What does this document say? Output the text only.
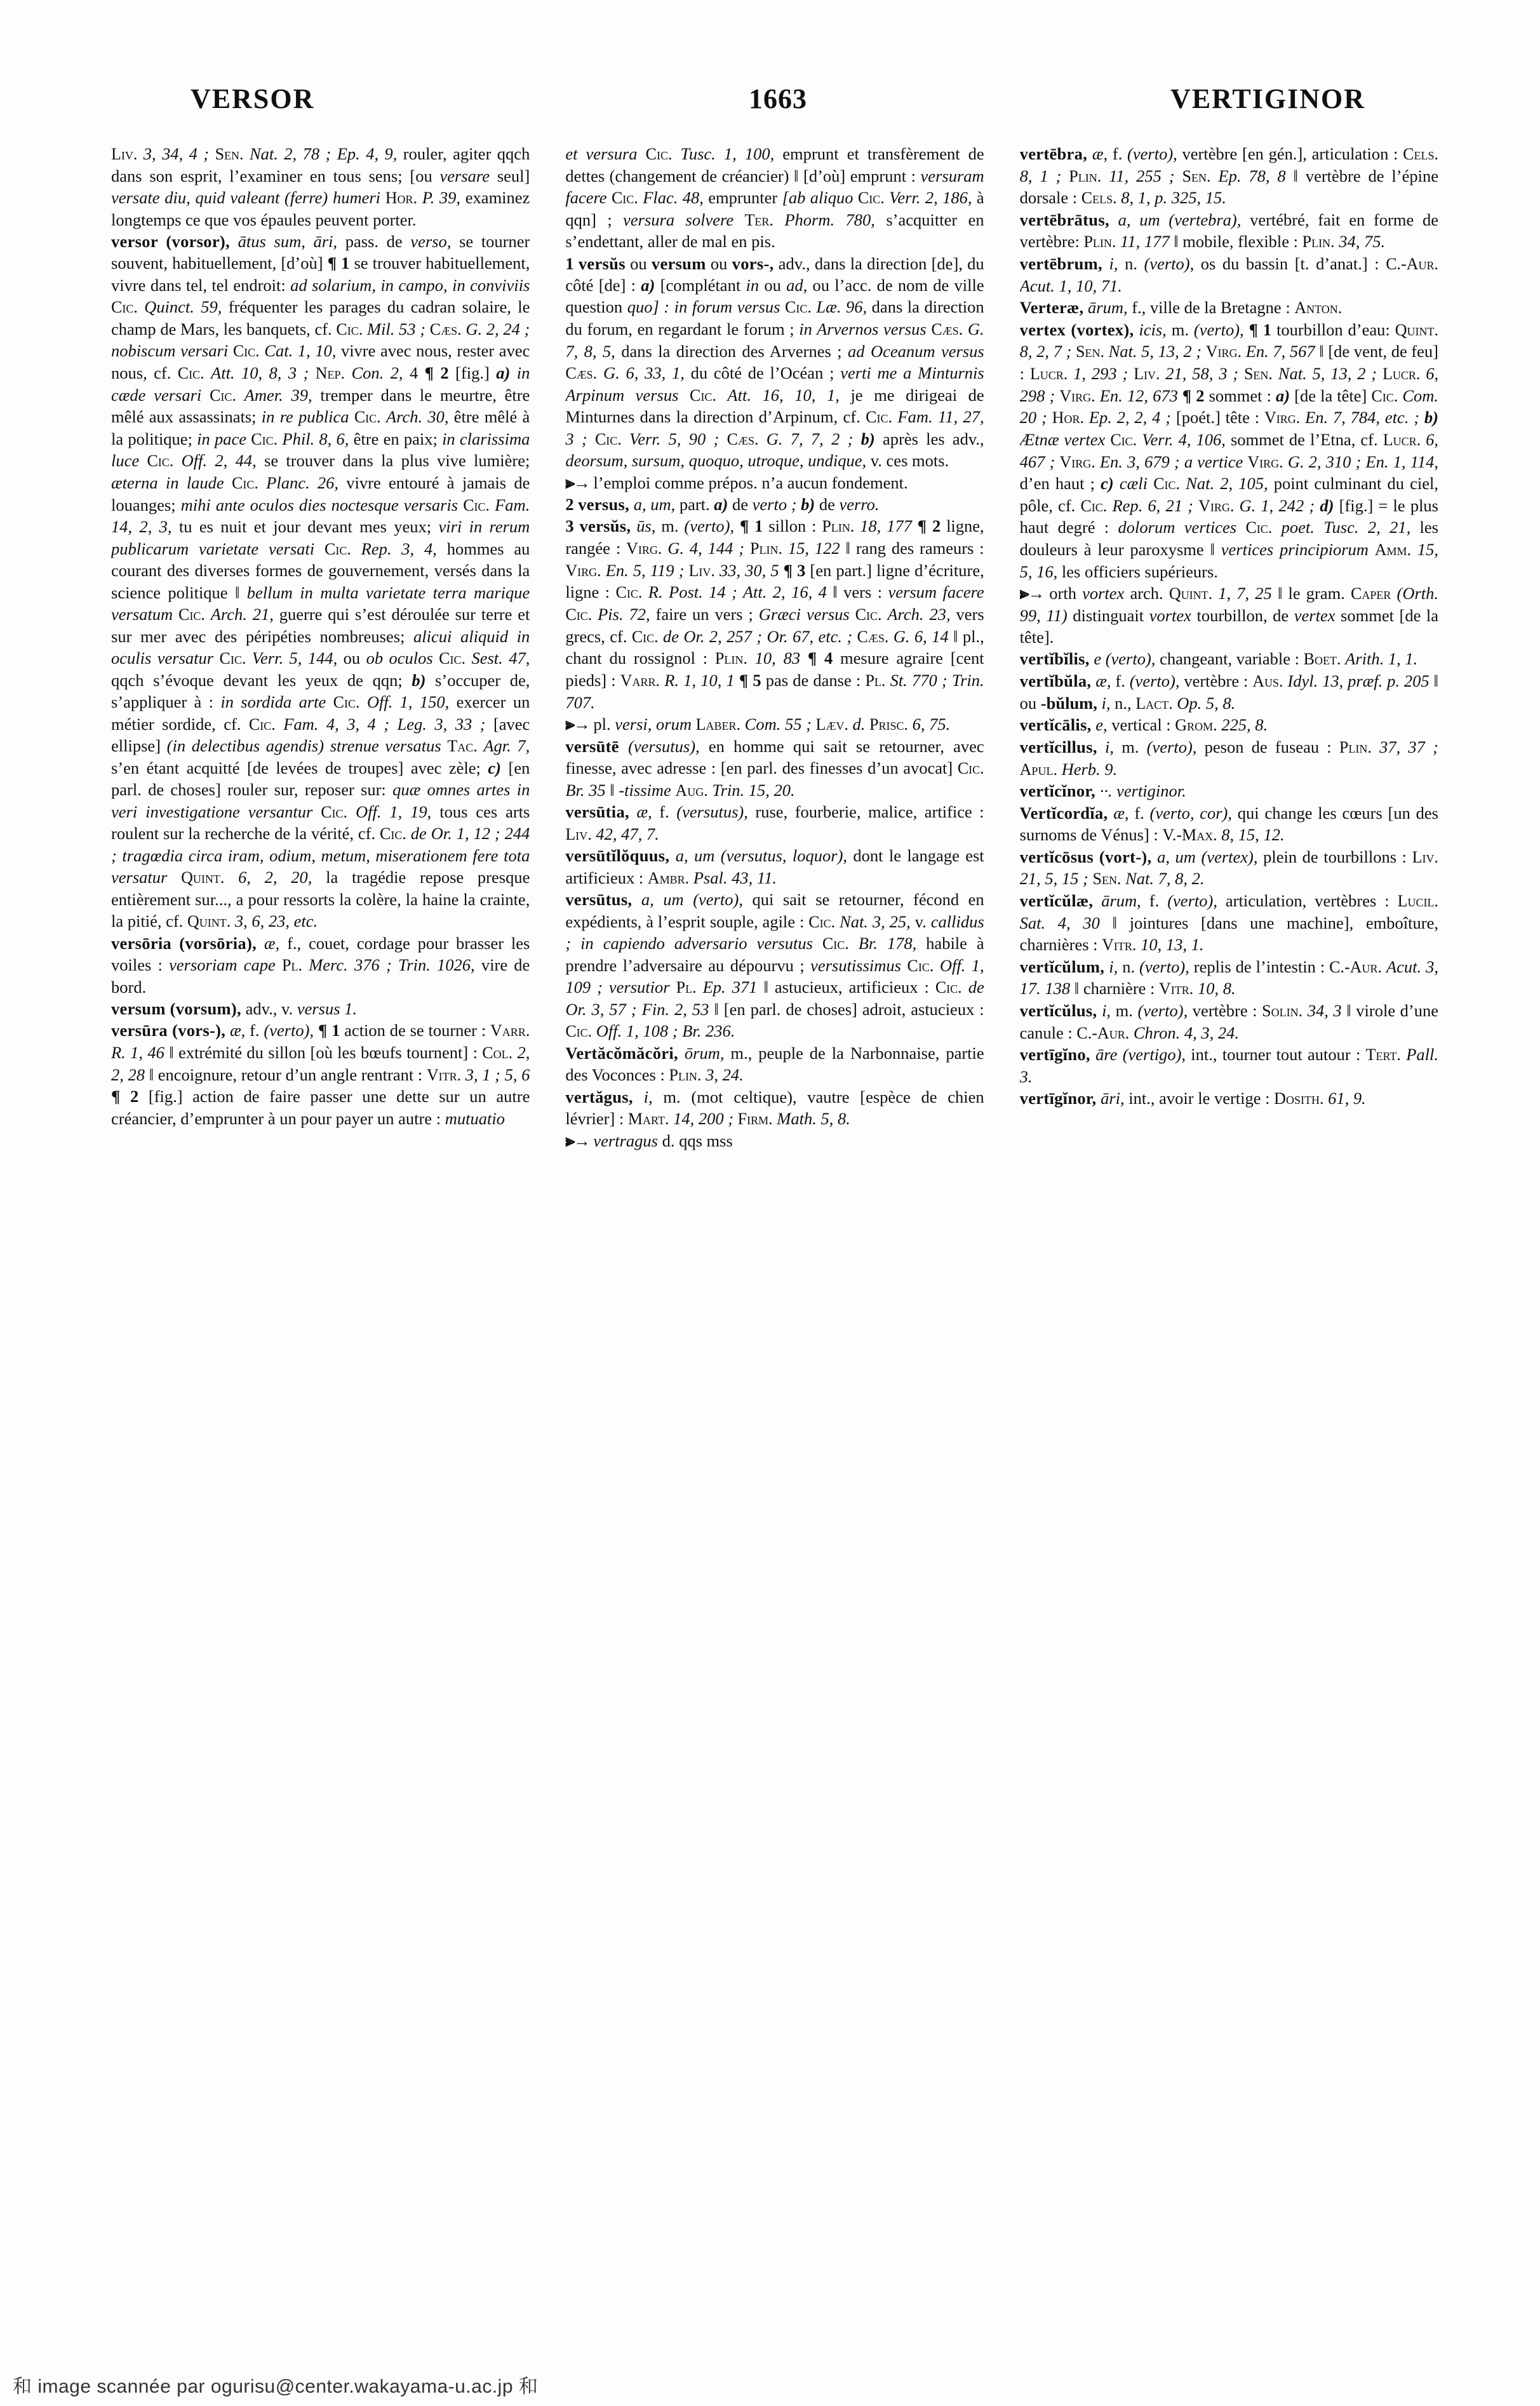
VERSOR	1663	VERTIGINOR

Liv. 3, 34, 4 ; Sen. Nat. 2, 78 ; Ep. 4, 9, rouler, agiter qqch dans son esprit, l’examiner en tous sens; [ou versare seul] versate diu, quid valeant (ferre) humeri Hor. P. 39, examinez longtemps ce que vos épaules peuvent porter.

versor (vorsor), ātus sum, āri, pass. de verso, se tourner souvent, habituellement, [d’où] ¶ 1 se trouver habituellement, vivre dans tel, tel endroit: ad solarium, in campo, in conviviis Cic. Quinct. 59, fréquenter les parages du cadran solaire, le champ de Mars, les banquets, cf. Cic. Mil. 53 ; Cæs. G. 2, 24 ; nobiscum versari Cic. Cat. 1, 10, vivre avec nous, rester avec nous, cf. Cic. Att. 10, 8, 3 ; Nep. Con. 2, 4 ¶ 2 [fig.] a) in cæde versari Cic. Amer. 39, tremper dans le meurtre, être mêlé aux assassinats; in re publica Cic. Arch. 30, être mêlé à la politique; in pace Cic. Phil. 8, 6, être en paix; in clarissima luce Cic. Off. 2, 44, se trouver dans la plus vive lumière; æterna in laude Cic. Planc. 26, vivre entouré à jamais de louanges; mihi ante oculos dies noctesque versaris Cic. Fam. 14, 2, 3, tu es nuit et jour devant mes yeux; viri in rerum publicarum varietate versati Cic. Rep. 3, 4, hommes au courant des diverses formes de gouvernement, versés dans la science politique ǁ bellum in multa varietate terra marique versatum Cic. Arch. 21, guerre qui s’est déroulée sur terre et sur mer avec des péripéties nombreuses; alicui aliquid in oculis versatur Cic. Verr. 5, 144, ou ob oculos Cic. Sest. 47, qqch s’évoque devant les yeux de qqn; b) s’occuper de, s’appliquer à : in sordida arte Cic. Off. 1, 150, exercer un métier sordide, cf. Cic. Fam. 4, 3, 4 ; Leg. 3, 33 ; [avec ellipse] (in delectibus agendis) strenue versatus Tac. Agr. 7, s’en étant acquitté [de levées de troupes] avec zèle; c) [en parl. de choses] rouler sur, reposer sur: quæ omnes artes in veri investigatione versantur Cic. Off. 1, 19, tous ces arts roulent sur la recherche de la vérité, cf. Cic. de Or. 1, 12 ; 244 ; tragœdia circa iram, odium, metum, miserationem fere tota versatur Quint. 6, 2, 20, la tragédie repose presque entièrement sur..., a pour ressorts la colère, la haine la crainte, la pitié, cf. Quint. 3, 6, 23, etc.

versōria (vorsōria), æ, f., couet, cordage pour brasser les voiles : versoriam cape Pl. Merc. 376 ; Trin. 1026, vire de bord.

versum (vorsum), adv., v. versus 1.

versūra (vors-), æ, f. (verto), ¶ 1 action de se tourner : Varr. R. 1, 46 ǁ extrémité du sillon [où les bœufs tournent] : Col. 2, 2, 28 ǁ encoignure, retour d’un angle rentrant : Vitr. 3, 1 ; 5, 6 ¶ 2 [fig.] action de faire passer une dette sur un autre créancier, d’emprunter à un pour payer un autre : mutuatio

et versura Cic. Tusc. 1, 100, emprunt et transfèrement de dettes (changement de créancier) ǁ [d’où] emprunt : versuram facere Cic. Flac. 48, emprunter [ab aliquo Cic. Verr. 2, 186, à qqn] ; versura solvere Ter. Phorm. 780, s’acquitter en s’endettant, aller de mal en pis.

1 versŭs ou versum ou vors-, adv., dans la direction [de], du côté [de] : a) [complétant in ou ad, ou l’acc. de nom de ville question quo] : in forum versus Cic. Læ. 96, dans la direction du forum, en regardant le forum ; in Arvernos versus Cæs. G. 7, 8, 5, dans la direction des Arvernes ; ad Oceanum versus Cæs. G. 6, 33, 1, du côté de l’Océan ; verti me a Minturnis Arpinum versus Cic. Att. 16, 10, 1, je me dirigeai de Minturnes dans la direction d’Arpinum, cf. Cic. Fam. 11, 27, 3 ; Cic. Verr. 5, 90 ; Cæs. G. 7, 7, 2 ; b) après les adv., deorsum, sursum, quoquo, utroque, undique, v. ces mots.

⫸→ l’emploi comme prépos. n’a aucun fondement.

2 versus, a, um, part. a) de verto ; b) de verro.

3 versŭs, ūs, m. (verto), ¶ 1 sillon : Plin. 18, 177 ¶ 2 ligne, rangée : Virg. G. 4, 144 ; Plin. 15, 122 ǁ rang des rameurs : Virg. En. 5, 119 ; Liv. 33, 30, 5 ¶ 3 [en part.] ligne d’écriture, ligne : Cic. R. Post. 14 ; Att. 2, 16, 4 ǁ vers : versum facere Cic. Pis. 72, faire un vers ; Græci versus Cic. Arch. 23, vers grecs, cf. Cic. de Or. 2, 257 ; Or. 67, etc. ; Cæs. G. 6, 14 ǁ pl., chant du rossignol : Plin. 10, 83 ¶ 4 mesure agraire [cent pieds] : Varr. R. 1, 10, 1 ¶ 5 pas de danse : Pl. St. 770 ; Trin. 707.

⫸→ pl. versi, orum Laber. Com. 55 ; Læv. d. Prisc. 6, 75.

versūtē (versutus), en homme qui sait se retourner, avec finesse, avec adresse : [en parl. des finesses d’un avocat] Cic. Br. 35 ǁ -tissime Aug. Trin. 15, 20.

versūtia, æ, f. (versutus), ruse, fourberie, malice, artifice : Liv. 42, 47, 7.

versūtĭlŏquus, a, um (versutus, loquor), dont le langage est artificieux : Ambr. Psal. 43, 11.

versūtus, a, um (verto), qui sait se retourner, fécond en expédients, à l’esprit souple, agile : Cic. Nat. 3, 25, v. callidus ; in capiendo adversario versutus Cic. Br. 178, habile à prendre l’adversaire au dépourvu ; versutissimus Cic. Off. 1, 109 ; versutior Pl. Ep. 371 ǁ astucieux, artificieux : Cic. de Or. 3, 57 ; Fin. 2, 53 ǁ [en parl. de choses] adroit, astucieux : Cic. Off. 1, 108 ; Br. 236.

Vertăcŏmăcŏri, ōrum, m., peuple de la Narbonnaise, partie des Voconces : Plin. 3, 24.

vertăgus, i, m. (mot celtique), vautre [espèce de chien lévrier] : Mart. 14, 200 ; Firm. Math. 5, 8.

⫸→ vertragus d. qqs mss

vertēbra, æ, f. (verto), vertèbre [en gén.], articulation : Cels. 8, 1 ; Plin. 11, 255 ; Sen. Ep. 78, 8 ǁ vertèbre de l’épine dorsale : Cels. 8, 1, p. 325, 15.

vertēbrātus, a, um (vertebra), vertébré, fait en forme de vertèbre: Plin. 11, 177 ǁ mobile, flexible : Plin. 34, 75.

vertēbrum, i, n. (verto), os du bassin [t. d’anat.] : C.-Aur. Acut. 1, 10, 71.

Verteræ, ārum, f., ville de la Bretagne : Anton.

vertex (vortex), icis, m. (verto), ¶ 1 tourbillon d’eau: Quint. 8, 2, 7 ; Sen. Nat. 5, 13, 2 ; Virg. En. 7, 567 ǁ [de vent, de feu] : Lucr. 1, 293 ; Liv. 21, 58, 3 ; Sen. Nat. 5, 13, 2 ; Lucr. 6, 298 ; Virg. En. 12, 673 ¶ 2 sommet : a) [de la tête] Cic. Com. 20 ; Hor. Ep. 2, 2, 4 ; [poét.] tête : Virg. En. 7, 784, etc. ; b) Ætnæ vertex Cic. Verr. 4, 106, sommet de l’Etna, cf. Lucr. 6, 467 ; Virg. En. 3, 679 ; a vertice Virg. G. 2, 310 ; En. 1, 114, d’en haut ; c) cæli Cic. Nat. 2, 105, point culminant du ciel, pôle, cf. Cic. Rep. 6, 21 ; Virg. G. 1, 242 ; d) [fig.] = le plus haut degré : dolorum vertices Cic. poet. Tusc. 2, 21, les douleurs à leur paroxysme ǁ vertices principiorum Amm. 15, 5, 16, les officiers supérieurs.

⫸→ orth vortex arch. Quint. 1, 7, 25 ǁ le gram. Caper (Orth. 99, 11) distinguait vortex tourbillon, de vertex sommet [de la tête].

vertĭbĭlis, e (verto), changeant, variable : Boet. Arith. 1, 1.

vertĭbŭla, æ, f. (verto), vertèbre : Aus. Idyl. 13, præf. p. 205 ǁ ou -bŭlum, i, n., Lact. Op. 5, 8.

vertĭcālis, e, vertical : Grom. 225, 8.

vertĭcillus, i, m. (verto), peson de fuseau : Plin. 37, 37 ; Apul. Herb. 9.

vertĭcĭnor, ··. vertiginor.

Vertĭcordĭa, æ, f. (verto, cor), qui change les cœurs [un des surnoms de Vénus] : V.-Max. 8, 15, 12.

vertĭcōsus (vort-), a, um (vertex), plein de tourbillons : Liv. 21, 5, 15 ; Sen. Nat. 7, 8, 2.

vertĭcŭlæ, ārum, f. (verto), articulation, vertèbres : Lucil. Sat. 4, 30 ǁ jointures [dans une machine], emboîture, charnières : Vitr. 10, 13, 1.

vertĭcŭlum, i, n. (verto), replis de l’intestin : C.-Aur. Acut. 3, 17. 138 ǁ charnière : Vitr. 10, 8.

vertĭcŭlus, i, m. (verto), vertèbre : Solin. 34, 3 ǁ virole d’une canule : C.-Aur. Chron. 4, 3, 24.

vertīgĭno, āre (vertigo), int., tourner tout autour : Tert. Pall. 3.

vertīgĭnor, āri, int., avoir le vertige : Dosith. 61, 9.

和 image scannée par ogurisu@center.wakayama-u.ac.jp 和
